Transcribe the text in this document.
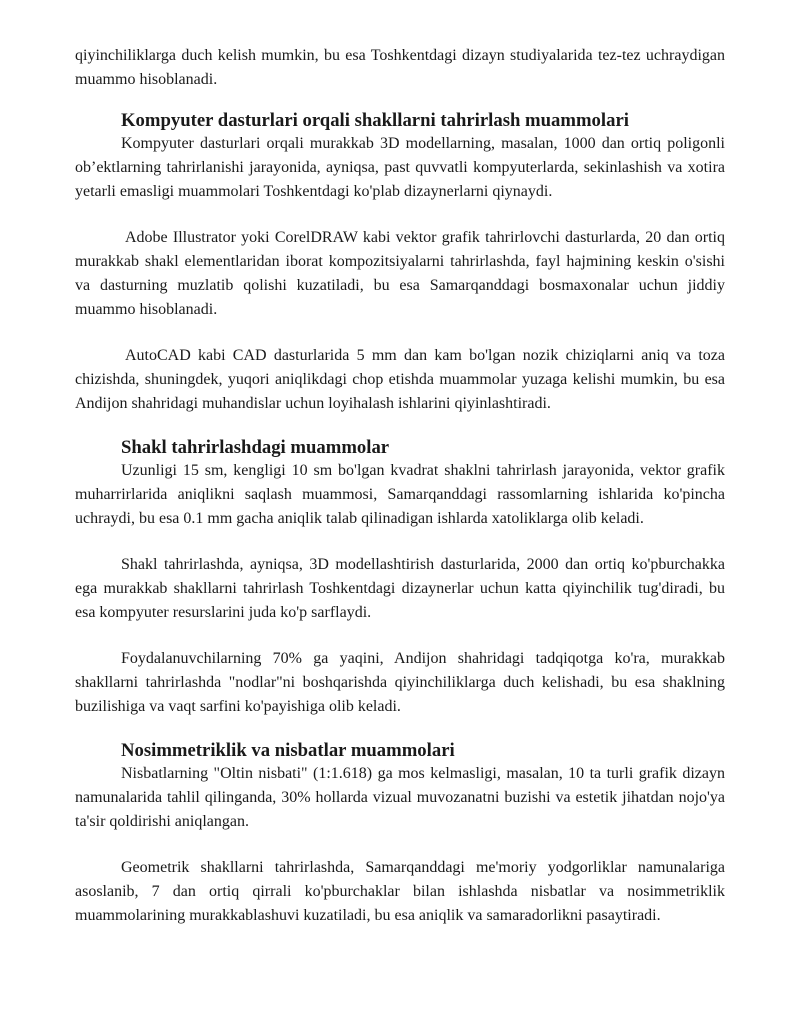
qiyinchiliklarga duch kelish mumkin, bu esa Toshkentdagi dizayn studiyalarida tez-tez uchraydigan muammo hisoblanadi.

Kompyuter dasturlari orqali shakllarni tahrirlash muammolari

Kompyuter dasturlari orqali murakkab 3D modellarning, masalan, 1000 dan ortiq poligonli ob’ektlarning tahrirlanishi jarayonida, ayniqsa, past quvvatli kompyuterlarda, sekinlashish va xotira yetarli emasligi muammolari Toshkentdagi ko'plab dizaynerlarni qiynaydi.

Adobe Illustrator yoki CorelDRAW kabi vektor grafik tahrirlovchi dasturlarda, 20 dan ortiq murakkab shakl elementlaridan iborat kompozitsiyalarni tahrirlashda, fayl hajmining keskin o'sishi va dasturning muzlatib qolishi kuzatiladi, bu esa Samarqanddagi bosmaxonalar uchun jiddiy muammo hisoblanadi.

AutoCAD kabi CAD dasturlarida 5 mm dan kam bo'lgan nozik chiziqlarni aniq va toza chizishda, shuningdek, yuqori aniqlikdagi chop etishda muammolar yuzaga kelishi mumkin, bu esa Andijon shahridagi muhandislar uchun loyihalash ishlarini qiyinlashtiradi.

Shakl tahrirlashdagi muammolar

Uzunligi 15 sm, kengligi 10 sm bo'lgan kvadrat shaklni tahrirlash jarayonida, vektor grafik muharrirlarida aniqlikni saqlash muammosi, Samarqanddagi rassomlarning ishlarida ko'pincha uchraydi, bu esa 0.1 mm gacha aniqlik talab qilinadigan ishlarda xatoliklarga olib keladi.

Shakl tahrirlashda, ayniqsa, 3D modellashtirish dasturlarida, 2000 dan ortiq ko'pburchakka ega murakkab shakllarni tahrirlash Toshkentdagi dizaynerlar uchun katta qiyinchilik tug'diradi, bu esa kompyuter resurslarini juda ko'p sarflaydi.

Foydalanuvchilarning 70% ga yaqini, Andijon shahridagi tadqiqotga ko'ra, murakkab shakllarni tahrirlashda "nodlar"ni boshqarishda qiyinchiliklarga duch kelishadi, bu esa shaklning buzilishiga va vaqt sarfini ko'payishiga olib keladi.

Nosimmetriklik va nisbatlar muammolari

Nisbatlarning "Oltin nisbati" (1:1.618) ga mos kelmasligi, masalan, 10 ta turli grafik dizayn namunalarida tahlil qilinganda, 30% hollarda vizual muvozanatni buzishi va estetik jihatdan nojo'ya ta'sir qoldirishi aniqlangan.

Geometrik shakllarni tahrirlashda, Samarqanddagi me'moriy yodgorliklar namunalariga asoslanib, 7 dan ortiq qirrali ko'pburchaklar bilan ishlashda nisbatlar va nosimmetriklik muammolarining murakkablashuvi kuzatiladi, bu esa aniqlik va samaradorlikni pasaytiradi.
